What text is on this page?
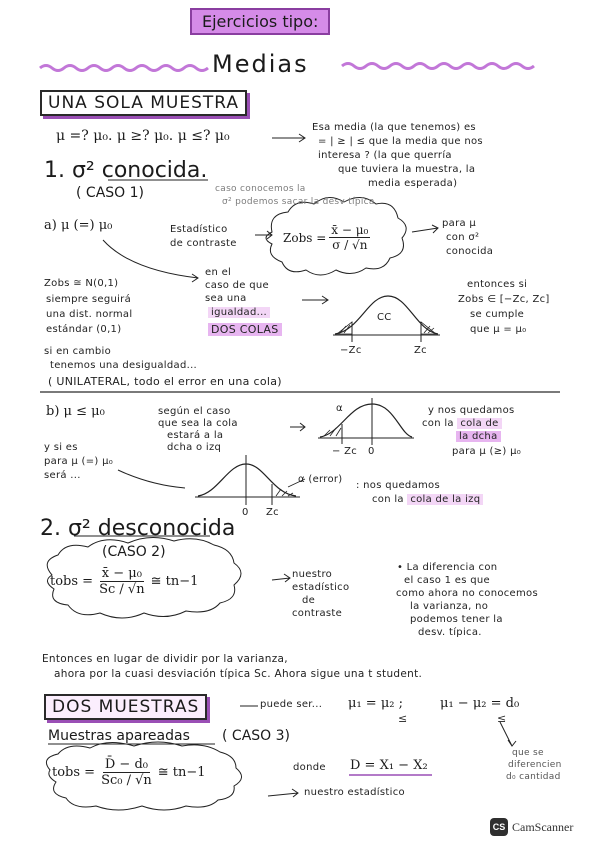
Ejercicios tipo:
Medias
UNA SOLA MUESTRA
μ =? μ₀. μ ≥? μ₀. μ ≤? μ₀
Esa media (la que tenemos) es
= | ≥ | ≤ que la media que nos
interesa ? (la que querría
que tuviera la muestra, la
media esperada)
1. σ² conocida.
( CASO 1)	caso conocemos la
σ² podemos sacar la desv típica
a) μ (=) μ₀	Estadístico
de contraste	Zobs = $\frac{\text{x̄ − μ₀}}{\sigma / √n}$	para μ
con σ²
conocida
Zobs ≅ N(0,1)
siempre seguirá
una dist. normal
estándar (0,1)
en el
caso de que
sea una
igualdad...
DOS COLAS
entonces si
Zobs ∈ [−Zc, Zc]
se cumple
que μ = μ₀
CC
−Zc	Zc
si en cambio
tenemos una desigualdad...
( UNILATERAL, todo el error en una cola)
b) μ ≤ μ₀	según el caso
que sea la cola
estará a la
dcha o izq
α
− Zc 0
y nos quedamos
con la cola de
la dcha
para μ (≥) μ₀
y si es
para μ (=) μ₀
será ...	α (error)
0 Zc
: nos quedamos
con la cola de la izq
2. σ² desconocida
(CASO 2)
tobs = $\frac{\text{x̄ − μ₀}}{Sc / √n}$ ≅ tn−1	nuestro
estadístico
de
contraste
• La diferencia con
el caso 1 es que
como ahora no conocemos
la varianza, no
podemos tener la
desv. típica.
Entonces en lugar de dividir por la varianza,
ahora por la cuasi desviación típica Sc. Ahora sigue una t student.
DOS MUESTRAS	puede ser... μ₁ = μ₂ ;	μ₁ − μ₂ = d₀
≤	≤
que se
diferencien
d₀ cantidad
Muestras apareadas ( CASO 3)
tobs = $\frac{\text{D̄ − d₀}}{\text{Sc₀ / √n}}$ ≅ tn−1	donde D = X₁ − X₂
nuestro estadístico
CS CamScanner
